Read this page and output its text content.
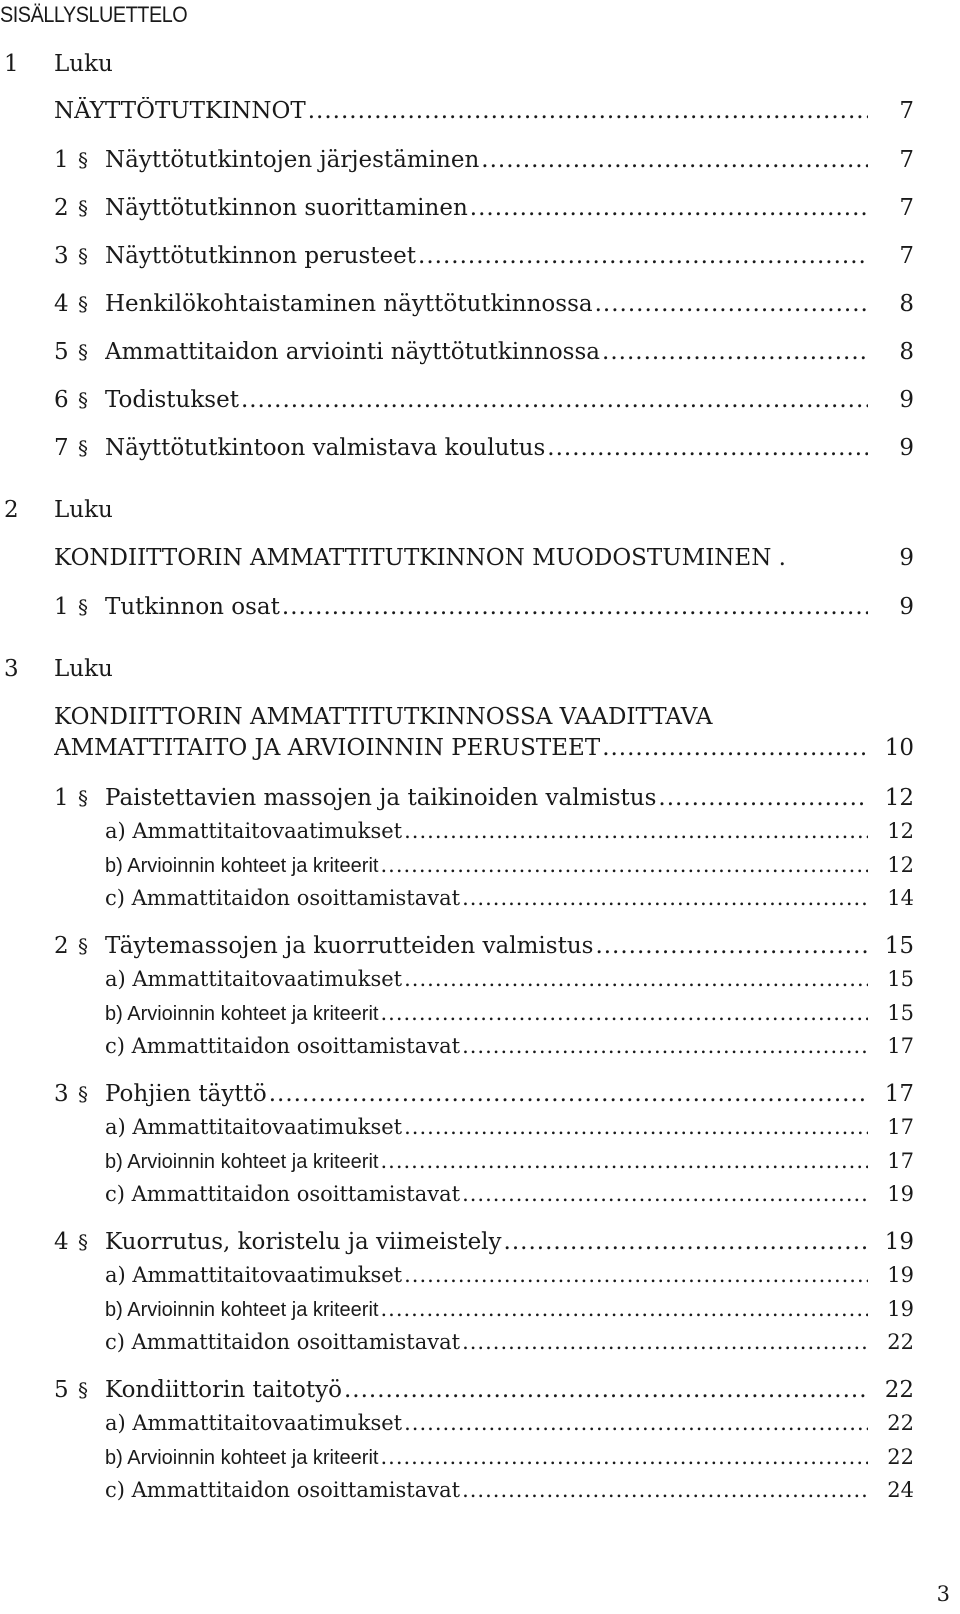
SISÄLLYSLUETTELO
1 Luku
NÄYTTÖTUTKINNOT .....	7
1 § Näyttötutkintojen järjestäminen .....	7
2 § Näyttötutkinnon suorittaminen .....	7
3 § Näyttötutkinnon perusteet .....	7
4 § Henkilökohtaistaminen näyttötutkinnossa .....	8
5 § Ammattitaidon arviointi näyttötutkinnossa .....	8
6 § Todistukset .....	9
7 § Näyttötutkintoon valmistava koulutus .....	9
2 Luku
KONDIITTORIN AMMATTITUTKINNON MUODOSTUMINEN .	9
1 § Tutkinnon osat .....	9
3 Luku
KONDIITTORIN AMMATTITUTKINNOSSA VAADITTAVA
AMMATTITAITO JA ARVIOINNIN PERUSTEET .....	10
1 § Paistettavien massojen ja taikinoiden valmistus .....	12
a) Ammattitaitovaatimukset .....	12
b) Arvioinnin kohteet ja kriteerit .....	12
c) Ammattitaidon osoittamistavat .....	14
2 § Täytemassojen ja kuorrutteiden valmistus .....	15
a) Ammattitaitovaatimukset .....	15
b) Arvioinnin kohteet ja kriteerit .....	15
c) Ammattitaidon osoittamistavat .....	17
3 § Pohjien täyttö .....	17
a) Ammattitaitovaatimukset .....	17
b) Arvioinnin kohteet ja kriteerit .....	17
c) Ammattitaidon osoittamistavat .....	19
4 § Kuorrutus, koristelu ja viimeistely .....	19
a) Ammattitaitovaatimukset .....	19
b) Arvioinnin kohteet ja kriteerit .....	19
c) Ammattitaidon osoittamistavat .....	22
5 § Kondiittorin taitotyö .....	22
a) Ammattitaitovaatimukset .....	22
b) Arvioinnin kohteet ja kriteerit .....	22
c) Ammattitaidon osoittamistavat .....	24
3
